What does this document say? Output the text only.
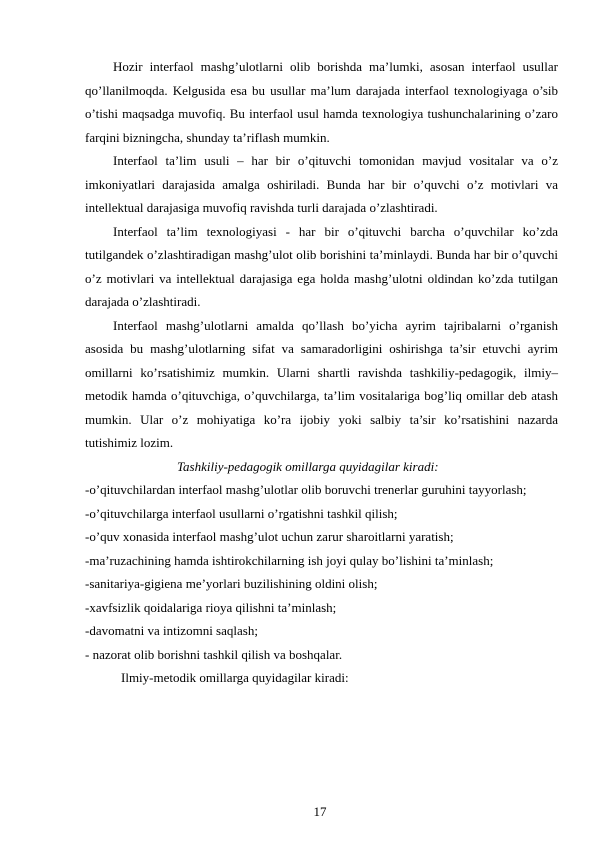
Hozir interfaol mashg’ulotlarni olib borishda ma’lumki, asosan interfaol usullar qo’llanilmoqda. Kelgusida esa bu usullar ma’lum darajada interfaol texnologiyaga o’sib o’tishi maqsadga muvofiq. Bu interfaol usul hamda texnologiya tushunchalarining o’zaro farqini bizningcha, shunday ta’riflash mumkin.

Interfaol ta’lim usuli – har bir o’qituvchi tomonidan mavjud vositalar va o’z imkoniyatlari darajasida amalga oshiriladi. Bunda har bir o’quvchi o’z motivlari va intellektual darajasiga muvofiq ravishda turli darajada o’zlashtiradi.

Interfaol ta’lim texnologiyasi - har bir o’qituvchi barcha o’quvchilar ko’zda tutilgandek o’zlashtiradigan mashg’ulot olib borishini ta’minlaydi. Bunda har bir o’quvchi o’z motivlari va intellektual darajasiga ega holda mashg’ulotni oldindan ko’zda tutilgan darajada o’zlashtiradi.

Interfaol mashg’ulotlarni amalda qo’llash bo’yicha ayrim tajribalarni o’rganish asosida bu mashg’ulotlarning sifat va samaradorligini oshirishga ta’sir etuvchi ayrim omillarni ko’rsatishimiz mumkin. Ularni shartli ravishda tashkiliy-pedagogik, ilmiy–metodik hamda o’qituvchiga, o’quvchilarga, ta’lim vositalariga bog’liq omillar deb atash mumkin. Ular o’z mohiyatiga ko’ra ijobiy yoki salbiy ta’sir ko’rsatishini nazarda tutishimiz lozim.

Tashkiliy-pedagogik omillarga quyidagilar kiradi:

-o’qituvchilardan interfaol mashg’ulotlar olib boruvchi trenerlar guruhini tayyorlash;

-o’qituvchilarga interfaol usullarni o’rgatishni tashkil qilish;

-o’quv xonasida interfaol mashg’ulot uchun zarur sharoitlarni yaratish;

-ma’ruzachining hamda ishtirokchilarning ish joyi qulay bo’lishini ta’minlash;

-sanitariya-gigiena me’yorlari buzilishining oldini olish;

-xavfsizlik qoidalariga rioya qilishni ta’minlash;

-davomatni va intizomni saqlash;

- nazorat olib borishni tashkil qilish va boshqalar.

Ilmiy-metodik omillarga quyidagilar kiradi:

17
